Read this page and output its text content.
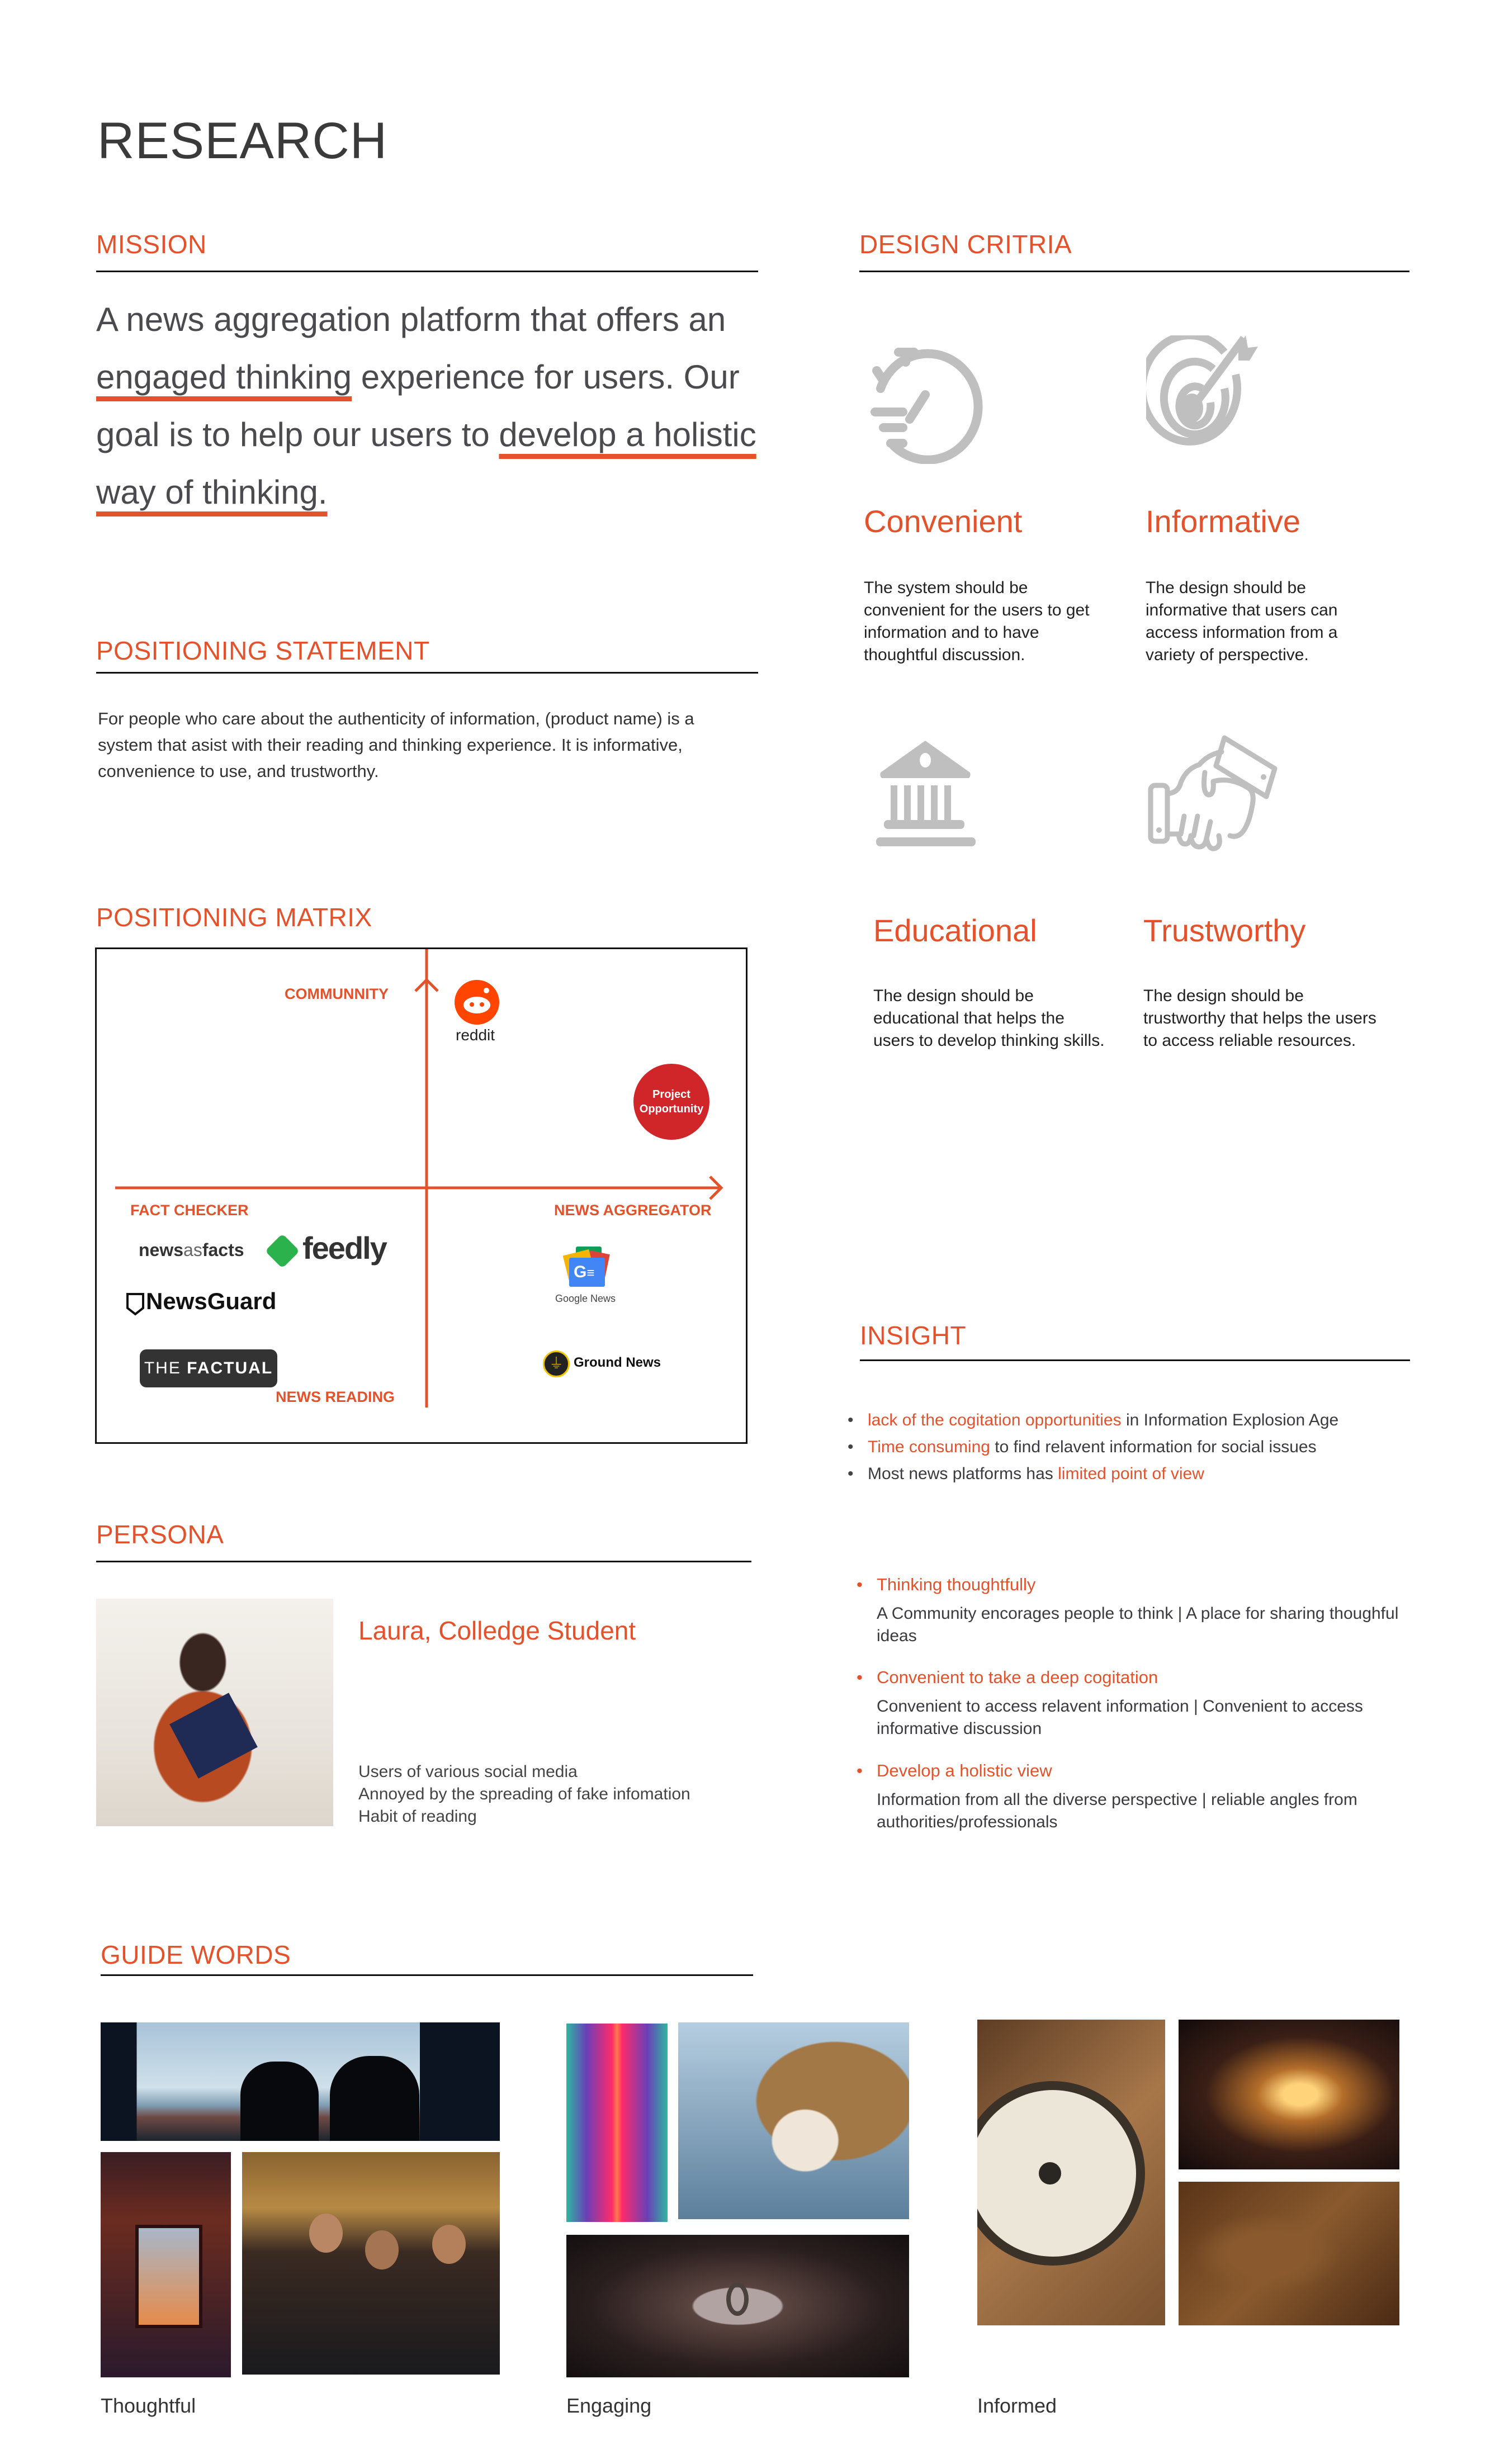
RESEARCH
MISSION
A news aggregation platform that offers an engaged thinking experience for users. Our goal is to help our users to develop a holistic way of thinking.
POSITIONING STATEMENT
For people who care about the authenticity of information, (product name) is a system that asist with their reading and thinking experience. It is informative, convenience to use, and trustworthy.
POSITIONING MATRIX
COMMUNNITY
NEWS READING
FACT CHECKER	NEWS AGGREGATOR
reddit
Project
Opportunity
newsasfacts feedly
NewsGuard
THE FACTUAL
G≡
Google News
⏚ Ground News
PERSONA
Laura, Colledge Student
Users of various social media
Annoyed by the spreading of fake infomation
Habit of reading
DESIGN CRITRIA
Convenient
The system should be convenient for the users to get information and to have thoughtful discussion.
Informative
The design should be informative that users can access information from a variety of perspective.
Educational
The design should be educational that helps the users to develop thinking skills.
Trustworthy
The design should be trustworthy that helps the users to access reliable resources.
INSIGHT
• lack of the cogitation opportunities in Information Explosion Age
• Time consuming to find relavent information for social issues
• Most news platforms has limited point of view
• Thinking thoughtfully
A Community encorages people to think | A place for sharing thoughful ideas
• Convenient to take a deep cogitation
Convenient to access relavent information | Convenient to access informative discussion
• Develop a holistic view
Information from all the diverse perspective | reliable angles from authorities/professionals
GUIDE WORDS
Thoughtful	Engaging	Informed
